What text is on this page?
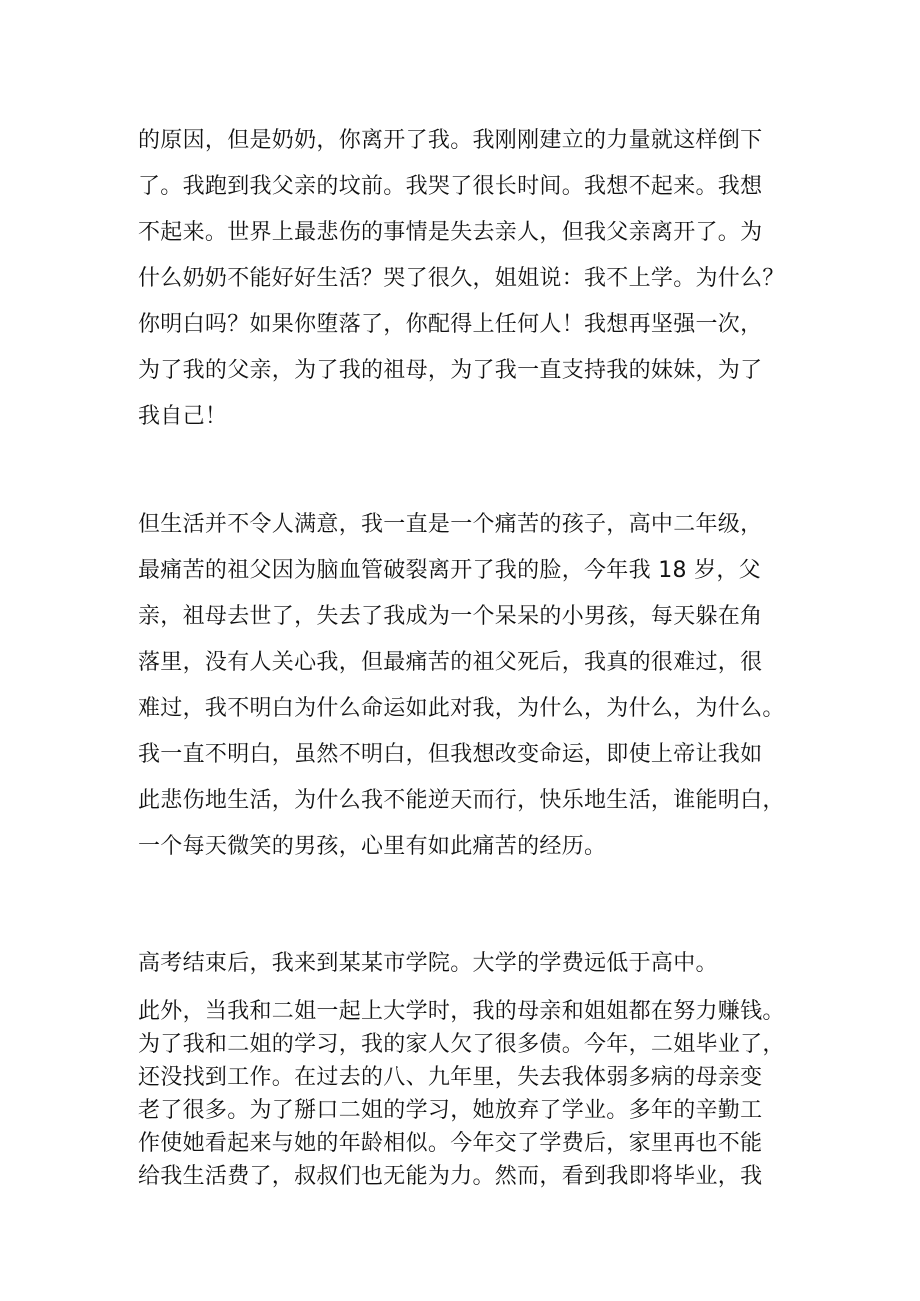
的原因，但是奶奶，你离开了我。我刚刚建立的力量就这样倒下
了。我跑到我父亲的坟前。我哭了很长时间。我想不起来。我想
不起来。世界上最悲伤的事情是失去亲人，但我父亲离开了。为
什么奶奶不能好好生活？哭了很久，姐姐说：我不上学。为什么？
你明白吗？如果你堕落了，你配得上任何人！我想再坚强一次，
为了我的父亲，为了我的祖母，为了我一直支持我的妹妹，为了
我自己！
但生活并不令人满意，我一直是一个痛苦的孩子，高中二年级，
最痛苦的祖父因为脑血管破裂离开了我的脸，今年我 18 岁，父
亲，祖母去世了，失去了我成为一个呆呆的小男孩，每天躲在角
落里，没有人关心我，但最痛苦的祖父死后，我真的很难过，很
难过，我不明白为什么命运如此对我，为什么，为什么，为什么。
我一直不明白，虽然不明白，但我想改变命运，即使上帝让我如
此悲伤地生活，为什么我不能逆天而行，快乐地生活，谁能明白，
一个每天微笑的男孩，心里有如此痛苦的经历。
高考结束后，我来到某某市学院。大学的学费远低于高中。
此外，当我和二姐一起上大学时，我的母亲和姐姐都在努力赚钱。
为了我和二姐的学习，我的家人欠了很多债。今年，二姐毕业了，
还没找到工作。在过去的八、九年里，失去我体弱多病的母亲变
老了很多。为了掰口二姐的学习，她放弃了学业。多年的辛勤工
作使她看起来与她的年龄相似。今年交了学费后，家里再也不能
给我生活费了，叔叔们也无能为力。然而，看到我即将毕业，我
